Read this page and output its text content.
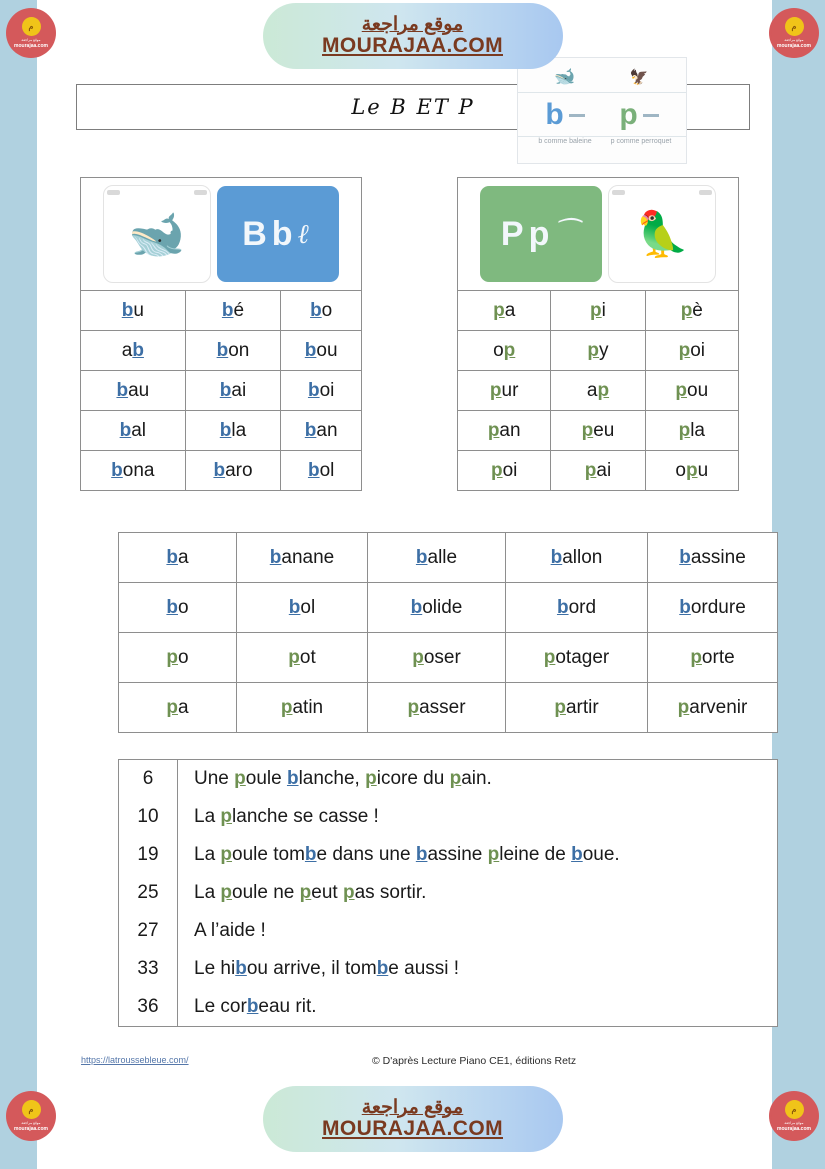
Le B ET P
🐋 B b ℓ
bu	bé	bo
ab	bon	bou
bau	bai	boi
bal	bla	ban
bona	baro	bol
P p ⁀ 🦜
pa	pi	pè
op	py	poi
pur	ap	pou
pan	peu	pla
poi	pai	opu
ba	banane	balle	ballon	bassine
bo	bol	bolide	bord	bordure
po	pot	poser	potager	porte
pa	patin	passer	partir	parvenir
6	Une poule blanche, picore du pain.
10	La planche se casse !
19	La poule tombe dans une bassine pleine de boue.
25	La poule ne peut pas sortir.
27	A l’aide !
33	Le hibou arrive, il tombe aussi !
36	Le corbeau rit.
https://latroussebleue.com/	© D'après Lecture Piano CE1, éditions Retz
🐋	🦅
b p
b comme baleine	p comme perroquet
م
موقع مراجعة
mourajaa.com
موقع مراجعة
MOURAJAA.COM
م
موقع مراجعة
mourajaa.com
م
موقع مراجعة
mourajaa.com
موقع مراجعة
MOURAJAA.COM
م
موقع مراجعة
mourajaa.com
